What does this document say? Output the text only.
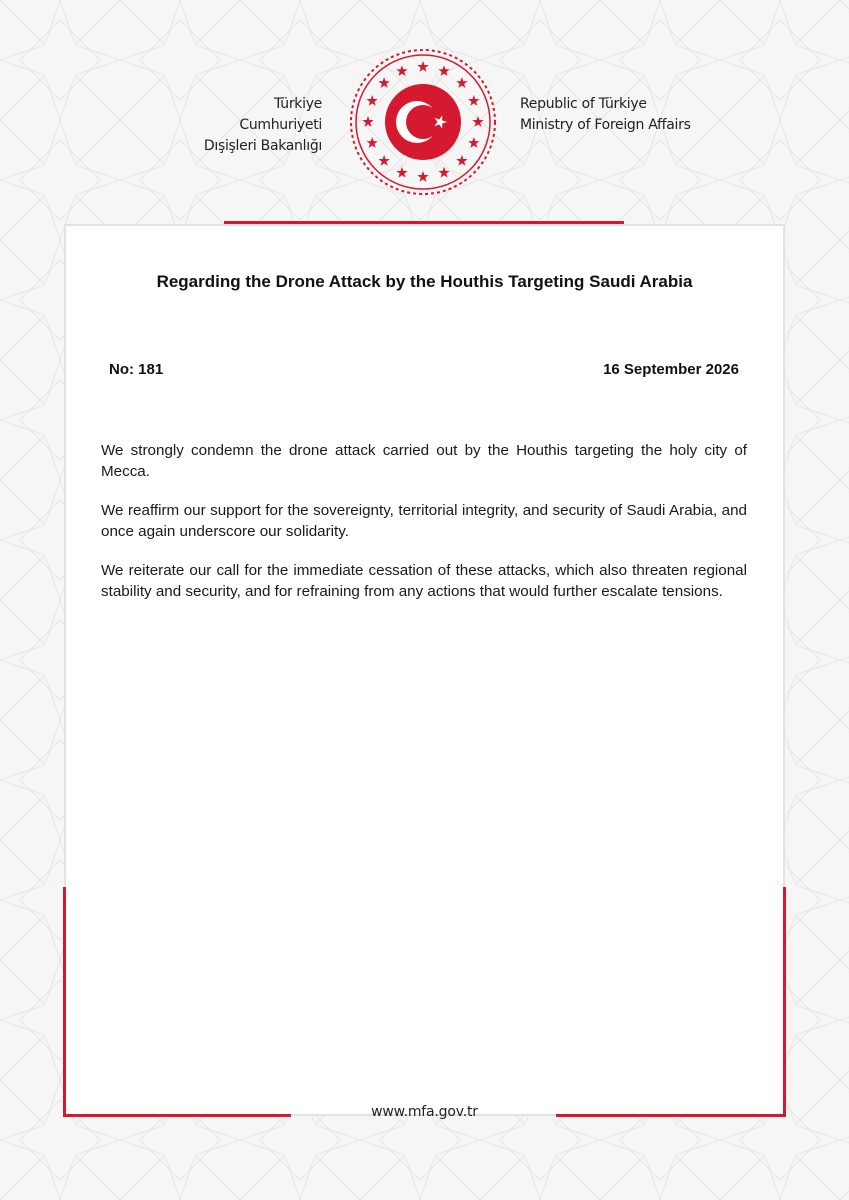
Türkiye Cumhuriyeti
Dışişleri Bakanlığı
Republic of Türkiye
Ministry of Foreign Affairs
Regarding the Drone Attack by the Houthis Targeting Saudi Arabia
No: 181	16 September 2026

We strongly condemn the drone attack carried out by the Houthis targeting the holy city of Mecca.

We reaffirm our support for the sovereignty, territorial integrity, and security of Saudi Arabia, and once again underscore our solidarity.

We reiterate our call for the immediate cessation of these attacks, which also threaten regional stability and security, and for refraining from any actions that would further escalate tensions.

www.mfa.gov.tr
